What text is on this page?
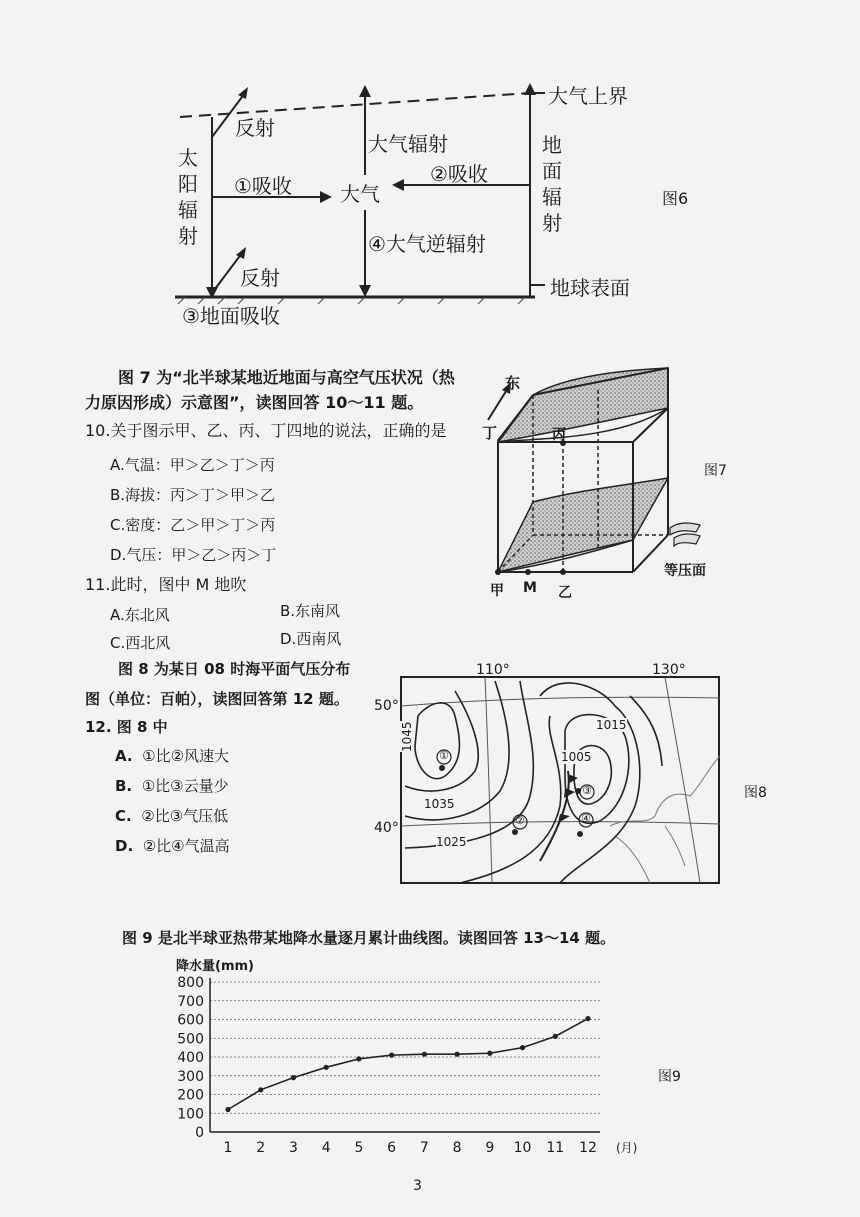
大气上界
地球表面
太阳辐射
地面辐射
反射
反射
①吸收	②吸收
大气
大气辐射
④大气逆辐射
③地面吸收
图6
图 7 为“北半球某地近地面与高空气压状况（热
力原因形成）示意图”，读图回答 10～11 题。
10.关于图示甲、乙、丙、丁四地的说法，正确的是
A.气温：甲＞乙＞丁＞丙
B.海拔：丙＞丁＞甲＞乙
C.密度：乙＞甲＞丁＞丙
D.气压：甲＞乙＞丙＞丁
11.此时，图中 M 地吹
A.东北风	B.东南风
C.西北风	D.西南风
东
丁	丙
甲 M 乙
等压面
图7
图 8 为某日 08 时海平面气压分布
图（单位：百帕），读图回答第 12 题。
12. 图 8 中
A. ①比②风速大
B. ①比③云量少
C. ②比③气压低
D. ②比④气温高
110°	130°
50°
40°
1045
1035
1025
1015
1005
①
②
③
④
图8
图 9 是北半球亚热带某地降水量逐月累计曲线图。读图回答 13～14 题。
降水量(mm)
0
100
200
300
400
500
600
700
800
1 2 3 4 5 6 7 8 9 10 11 12 (月)
图9
3
